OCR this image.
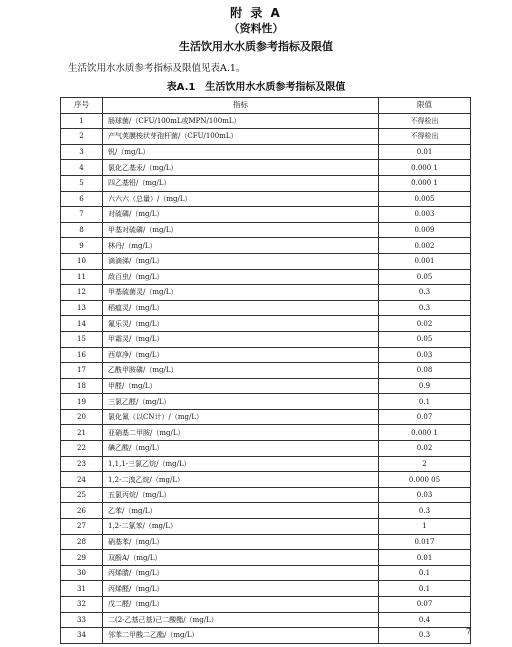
附 录 A
（资料性）
生活饮用水水质参考指标及限值
生活饮用水水质参考指标及限值见表A.1。
表A.1　生活饮用水水质参考指标及限值
序号	指标	限值
1	肠球菌/（CFU/100mL或MPN/100mL）	不得检出
2	产气荚膜梭状芽孢杆菌/（CFU/100mL）	不得检出
3	钒/（mg/L）	0.01
4	氯化乙基汞/（mg/L）	0.000 1
5	四乙基铅/（mg/L）	0.000 1
6	六六六（总量）/（mg/L）	0.005
7	对硫磷/（mg/L）	0.003
8	甲基对硫磷/（mg/L）	0.009
9	林丹/（mg/L）	0.002
10	滴滴涕/（mg/L）	0.001
11	敌百虫/（mg/L）	0.05
12	甲基硫菌灵/（mg/L）	0.3
13	稻瘟灵/（mg/L）	0.3
14	氟乐灵/（mg/L）	0.02
15	甲霜灵/（mg/L）	0.05
16	西草净/（mg/L）	0.03
17	乙酰甲胺磷/（mg/L）	0.08
18	甲醛/（mg/L）	0.9
19	三氯乙醛/（mg/L）	0.1
20	氯化氰（以CN计）/（mg/L）	0.07
21	亚硝基二甲胺/（mg/L）	0.000 1
22	碘乙酸/（mg/L）	0.02
23	1,1,1-三氯乙烷/（mg/L）	2
24	1,2-二溴乙烷/（mg/L）	0.000 05
25	五氯丙烷/（mg/L）	0.03
26	乙苯/（mg/L）	0.3
27	1,2-二氯苯/（mg/L）	1
28	硝基苯/（mg/L）	0.017
29	双酚A/（mg/L）	0.01
30	丙烯腈/（mg/L）	0.1
31	丙烯醛/（mg/L）	0.1
32	戊二醛/（mg/L）	0.07
33	二(2-乙基己基)己二酸酯/（mg/L）	0.4
34	邻苯二甲酸二乙酯/（mg/L）	0.3	7
